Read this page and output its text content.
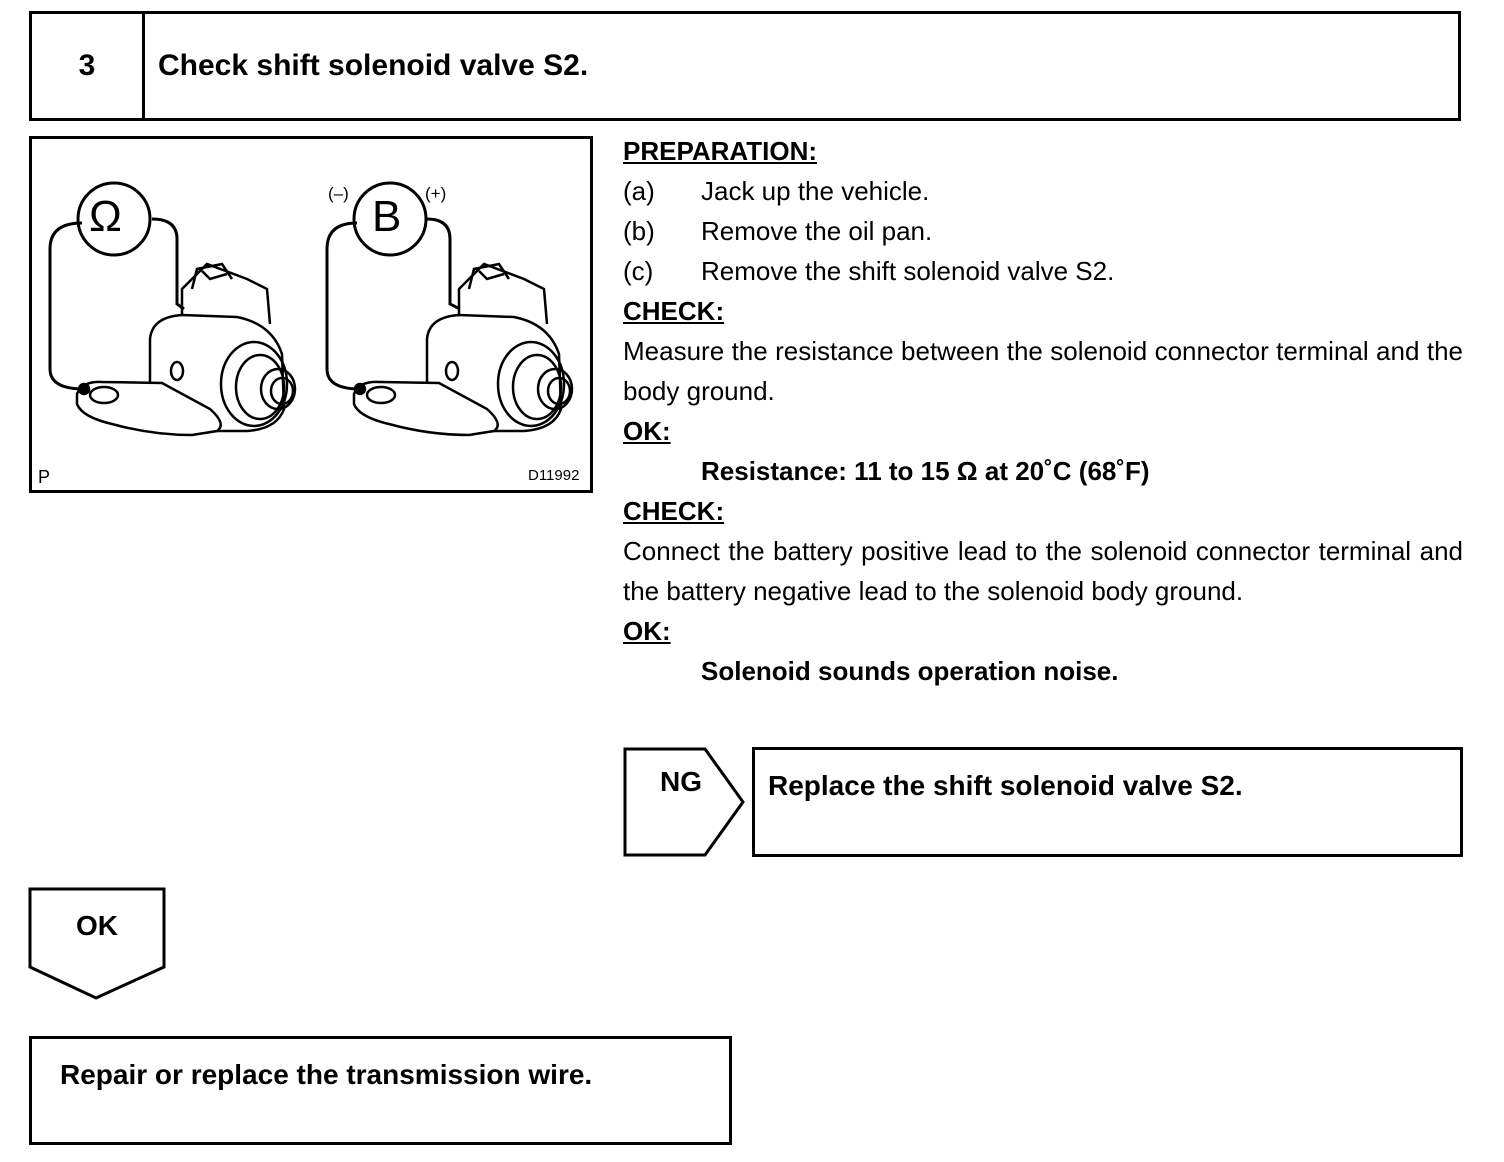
3	Check shift solenoid valve S2.
Ω	B
(–)	(+)
P	D11992
PREPARATION:
(a)	Jack up the vehicle.
(b)	Remove the oil pan.
(c)	Remove the shift solenoid valve S2.
CHECK:
Measure the resistance between the solenoid connector terminal and the body ground.
OK:
Resistance: 11 to 15 Ω at 20˚C (68˚F)
CHECK:
Connect the battery positive lead to the solenoid connector terminal and the battery negative lead to the solenoid body ground.
OK:
Solenoid sounds operation noise.
NG	Replace the shift solenoid valve S2.
OK
Repair or replace the transmission wire.
